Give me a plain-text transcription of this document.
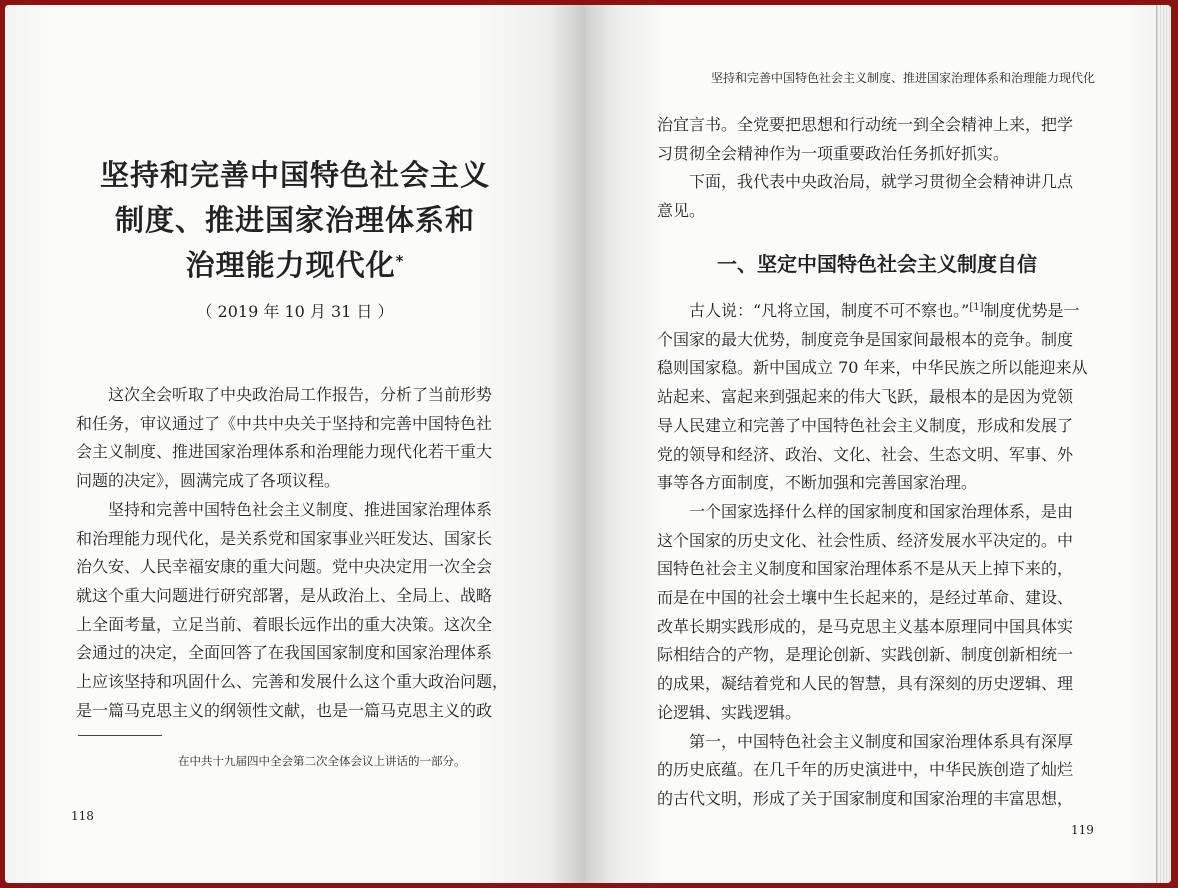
坚持和完善中国特色社会主义
制度、推进国家治理体系和
治理能力现代化*
（ 2019 年 10 月 31 日 ）
这次全会听取了中央政治局工作报告，分析了当前形势
和任务，审议通过了《中共中央关于坚持和完善中国特色社
会主义制度、推进国家治理体系和治理能力现代化若干重大
问题的决定》，圆满完成了各项议程。
坚持和完善中国特色社会主义制度、推进国家治理体系
和治理能力现代化，是关系党和国家事业兴旺发达、国家长
治久安、人民幸福安康的重大问题。党中央决定用一次全会
就这个重大问题进行研究部署，是从政治上、全局上、战略
上全面考量，立足当前、着眼长远作出的重大决策。这次全
会通过的决定，全面回答了在我国国家制度和国家治理体系
上应该坚持和巩固什么、完善和发展什么这个重大政治问题，
是一篇马克思主义的纲领性文献，也是一篇马克思主义的政
在中共十九届四中全会第二次全体会议上讲话的一部分。
118
坚持和完善中国特色社会主义制度、推进国家治理体系和治理能力现代化
治宜言书。全党要把思想和行动统一到全会精神上来，把学
习贯彻全会精神作为一项重要政治任务抓好抓实。
下面，我代表中央政治局，就学习贯彻全会精神讲几点
意见。
一、坚定中国特色社会主义制度自信
古人说：“凡将立国，制度不可不察也。”[1]制度优势是一
个国家的最大优势，制度竞争是国家间最根本的竞争。制度
稳则国家稳。新中国成立 70 年来，中华民族之所以能迎来从
站起来、富起来到强起来的伟大飞跃，最根本的是因为党领
导人民建立和完善了中国特色社会主义制度，形成和发展了
党的领导和经济、政治、文化、社会、生态文明、军事、外
事等各方面制度，不断加强和完善国家治理。
一个国家选择什么样的国家制度和国家治理体系，是由
这个国家的历史文化、社会性质、经济发展水平决定的。中
国特色社会主义制度和国家治理体系不是从天上掉下来的，
而是在中国的社会土壤中生长起来的，是经过革命、建设、
改革长期实践形成的，是马克思主义基本原理同中国具体实
际相结合的产物，是理论创新、实践创新、制度创新相统一
的成果，凝结着党和人民的智慧，具有深刻的历史逻辑、理
论逻辑、实践逻辑。
第一，中国特色社会主义制度和国家治理体系具有深厚
的历史底蕴。在几千年的历史演进中，中华民族创造了灿烂
的古代文明，形成了关于国家制度和国家治理的丰富思想，
119
